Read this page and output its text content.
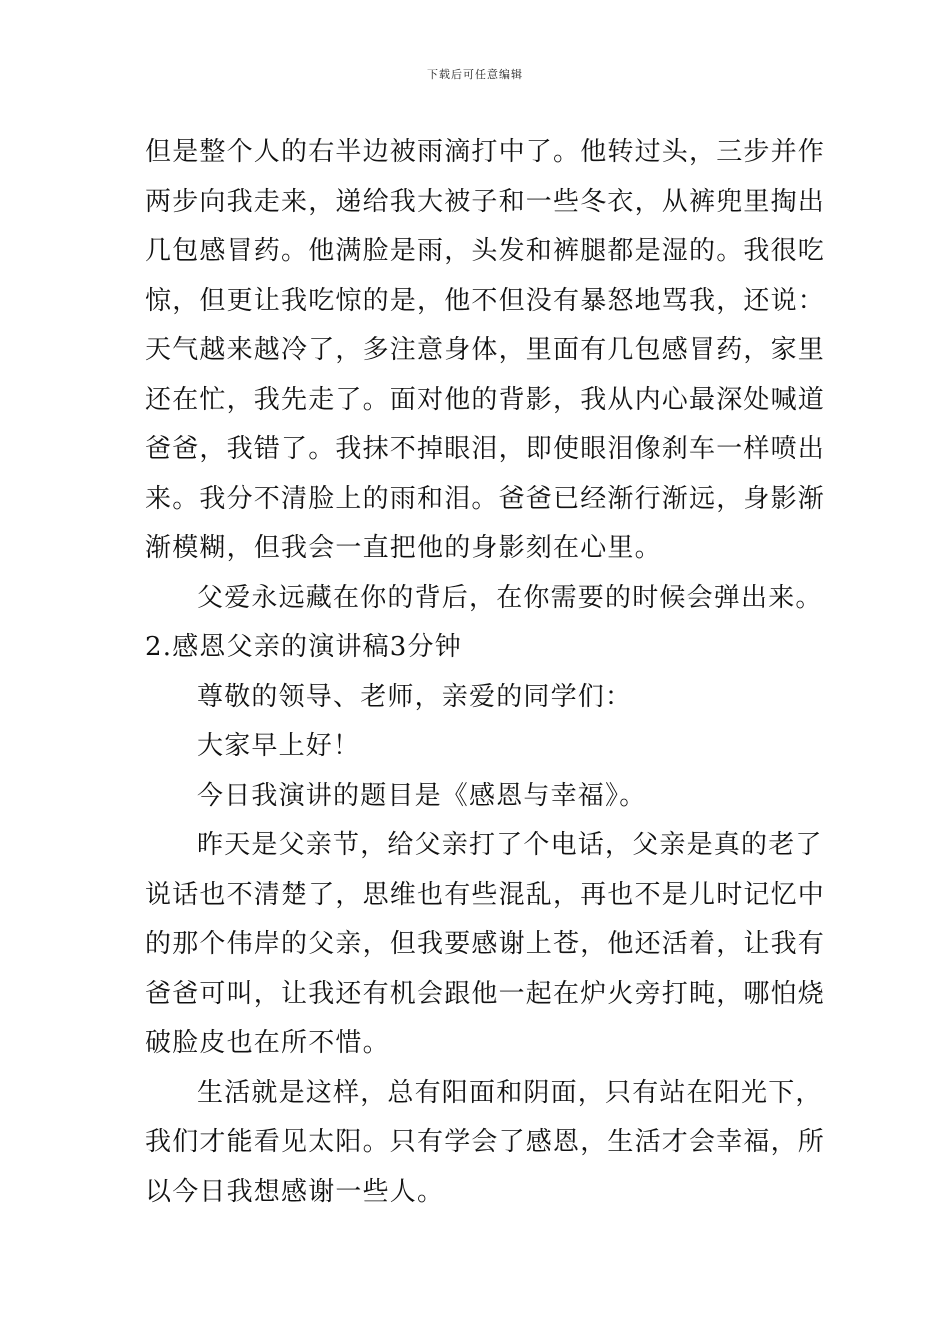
下载后可任意编辑
但是整个人的右半边被雨滴打中了。他转过头，三步并作
两步向我走来，递给我大被子和一些冬衣，从裤兜里掏出
几包感冒药。他满脸是雨，头发和裤腿都是湿的。我很吃
惊，但更让我吃惊的是，他不但没有暴怒地骂我，还说：
天气越来越冷了，多注意身体，里面有几包感冒药，家里
还在忙，我先走了。面对他的背影，我从内心最深处喊道
爸爸，我错了。我抹不掉眼泪，即使眼泪像刹车一样喷出
来。我分不清脸上的雨和泪。爸爸已经渐行渐远，身影渐
渐模糊，但我会一直把他的身影刻在心里。
父爱永远藏在你的背后，在你需要的时候会弹出来。
2.感恩父亲的演讲稿3分钟
尊敬的领导、老师，亲爱的同学们：
大家早上好！
今日我演讲的题目是《感恩与幸福》。
昨天是父亲节，给父亲打了个电话，父亲是真的老了
说话也不清楚了，思维也有些混乱，再也不是儿时记忆中
的那个伟岸的父亲，但我要感谢上苍，他还活着，让我有
爸爸可叫，让我还有机会跟他一起在炉火旁打盹，哪怕烧
破脸皮也在所不惜。
生活就是这样，总有阳面和阴面，只有站在阳光下，
我们才能看见太阳。只有学会了感恩，生活才会幸福，所
以今日我想感谢一些人。
